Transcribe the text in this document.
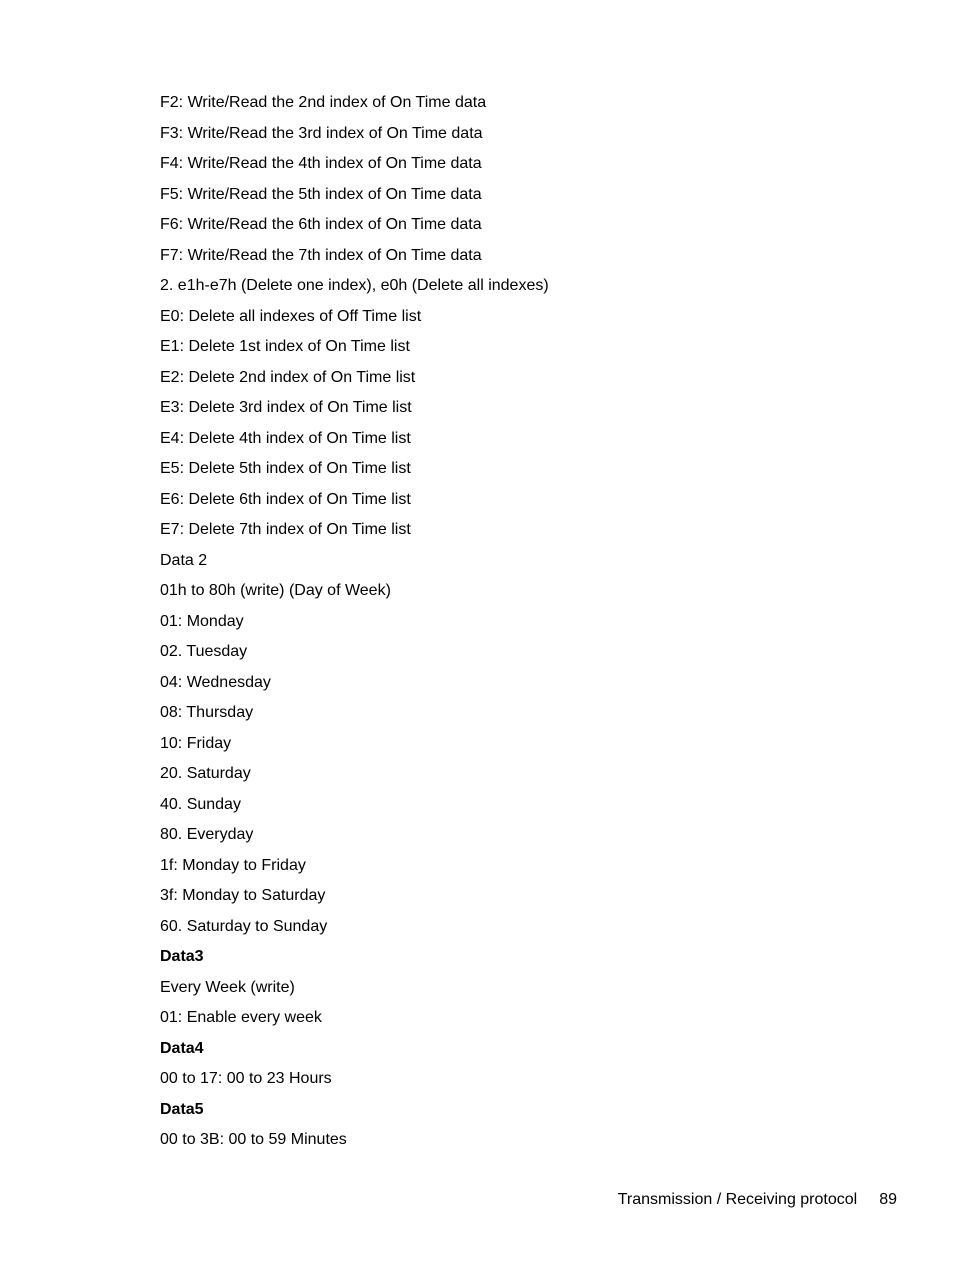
F2: Write/Read the 2nd index of On Time data
F3: Write/Read the 3rd index of On Time data
F4: Write/Read the 4th index of On Time data
F5: Write/Read the 5th index of On Time data
F6: Write/Read the 6th index of On Time data
F7: Write/Read the 7th index of On Time data
2. e1h-e7h (Delete one index), e0h (Delete all indexes)
E0: Delete all indexes of Off Time list
E1: Delete 1st index of On Time list
E2: Delete 2nd index of On Time list
E3: Delete 3rd index of On Time list
E4: Delete 4th index of On Time list
E5: Delete 5th index of On Time list
E6: Delete 6th index of On Time list
E7: Delete 7th index of On Time list
Data 2
01h to 80h (write) (Day of Week)
01: Monday
02. Tuesday
04: Wednesday
08: Thursday
10: Friday
20. Saturday
40. Sunday
80. Everyday
1f: Monday to Friday
3f: Monday to Saturday
60. Saturday to Sunday
Data3
Every Week (write)
01: Enable every week
Data4
00 to 17: 00 to 23 Hours
Data5
00 to 3B: 00 to 59 Minutes
Transmission / Receiving protocol 89
